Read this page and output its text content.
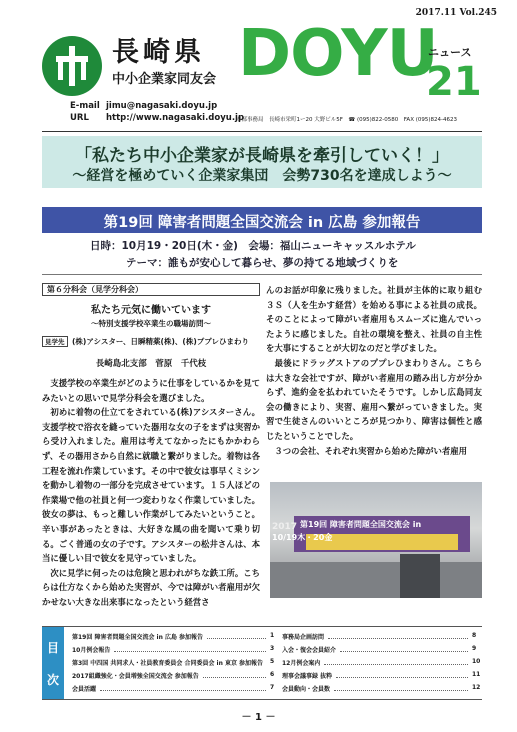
2017.11 Vol.245
長崎県
中小企業家同友会 DOYU
ニュース
21
E-mail jimu@nagasaki.doyu.jp
URL http://www.nagasaki.doyu.jp
本部事務局　長崎市栄町1ー20 大野ビル5F　☎ (095)822-0580　FAX (095)824-4623
「私たち中小企業家が長崎県を牽引していく！」
～経営を極めていく企業家集団　会勢730名を達成しよう～
第19回 障害者問題全国交流会 in 広島 参加報告
日時：10月19・20日(木・金)　会場：福山ニューキャッスルホテル
テーマ：誰もが安心して暮らせ、夢の持てる地域づくりを
第６分科会（見学分科会）
私たち元気に働いています
～特別支援学校卒業生の職場訪問～
見学先	(株)アシスター、日瞬精薬(株)、(株)ププレひまわり
長崎島北支部　菅原　千代枝
　支援学校の卒業生がどのように仕事をしているかを見てみたいとの思いで見学分科会を選びました。
　初めに着物の仕立てをされている(株)アシスターさん。支援学校で浴衣を縫っていた器用な女の子をまずは実習から受け入れました。雇用は考えてなかったにもかかわらず、その器用さから自然に就職と繋がりました。着物は各工程を流れ作業しています。その中で彼女は事早くミシンを動かし着物の一部分を完成させています。１５人ほどの作業場で他の社員と何一つ変わりなく作業していました。彼女の夢は、もっと難しい作業がしてみたいということ。辛い事があったときは、大好きな風の曲を聞いて乗り切る。ごく普通の女の子です。アシスターの松井さんは、本当に優しい目で彼女を見守っていました。
　次に見学に伺ったのは危険と思われがちな鉄工所。こちらは仕方なくから始めた実習が、今では障がい者雇用が欠かせない大きな出来事になったという経営さ
んのお話が印象に残りました。社員が主体的に取り組む３Ｓ（人を生かす経営）を始める事による社員の成長。そのことによって障がい者雇用もスムーズに進んでいったように感じました。自社の環境を整え、社員の自主性を大事にすることが大切なのだと学びました。
　最後にドラッグストアのププレひまわりさん。こちらは大きな会社ですが、障がい者雇用の踏み出し方が分からず、進約金を払われていたそうです。しかし広島同友会の働きにより、実習、雇用へ繋がっていきました。実習で生徒さんのいいところが見つかり、障害は個性と感じたということでした。
　３つの会社、それぞれ実習から始めた障がい者雇用
2017 第19回 障害者問題全国交流会 in
10/19木・20金
目
次
第19回 障害者問題全国交流会 in 広島 参加報告	1
10月例会報告	3
第3回 中四国 共同求人・社員教育委員会 合同委員会 in 東京 参加報告 5
2017組織強化・会員増強全国交流会 参加報告	6
会員活躍	7
事務局企画訪問	8
入会・復会会員紹介	9
12月例会案内	10
理事会議事録 抜粋	11
会員動向・会員数	12
－ 1 －
